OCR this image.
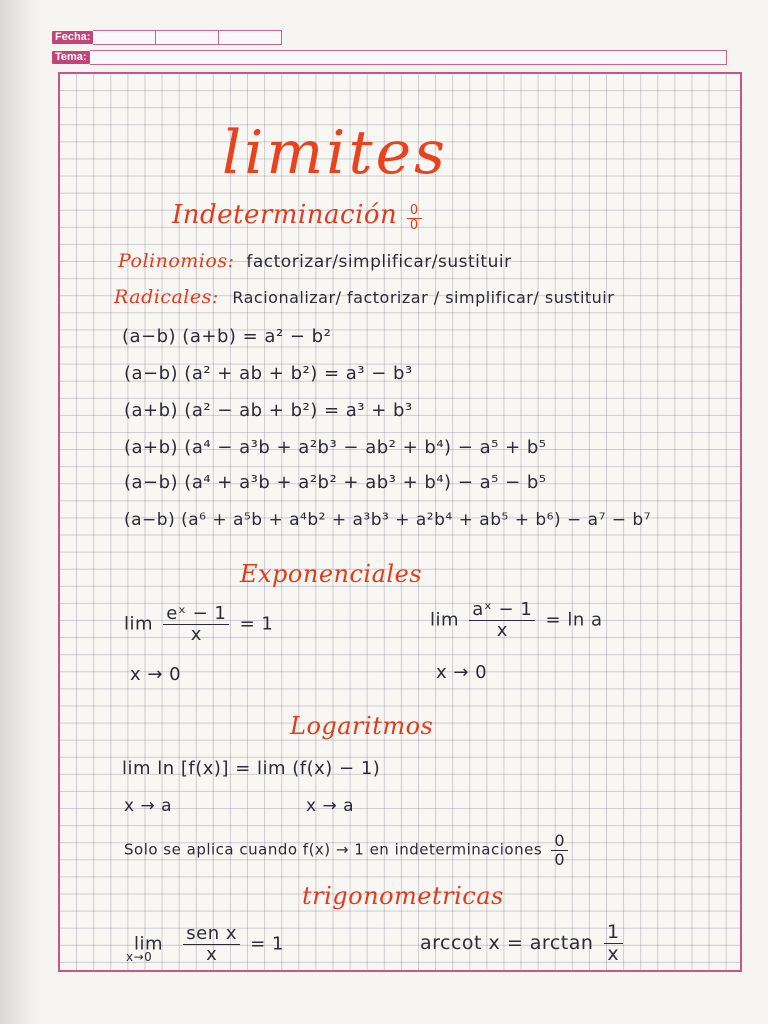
Fecha:
Tema:
limites
Indeterminación $\frac{0}{0}$
Polinomios: factorizar/simplificar/sustituir
Radicales: Racionalizar/ factorizar / simplificar/ sustituir
(a−b) (a+b) = a² − b²
(a−b) (a² + ab + b²) = a³ − b³
(a+b) (a² − ab + b²) = a³ + b³
(a+b) (a⁴ − a³b + a²b³ − ab² + b⁴) − a⁵ + b⁵
(a−b) (a⁴ + a³b + a²b² + ab³ + b⁴) − a⁵ − b⁵
(a−b) (a⁶ + a⁵b + a⁴b² + a³b³ + a²b⁴ + ab⁵ + b⁶) − a⁷ − b⁷
Exponenciales
$\lim \frac{\text{eˣ − 1}}{x} = 1$
x → 0
$\lim \frac{\text{aˣ − 1}}{x} = \ln a$
x → 0
Logaritmos
lim ln [f(x)] = lim (f(x) − 1)
x → a	x → a
Solo se aplica cuando f(x) → 1 en indeterminaciones $\frac{0}{0}$
trigonometricas
$\lim \frac{\text{sen x}}{x} = 1$
x→0
arccot $x = \arctan \frac{1}{x}$
